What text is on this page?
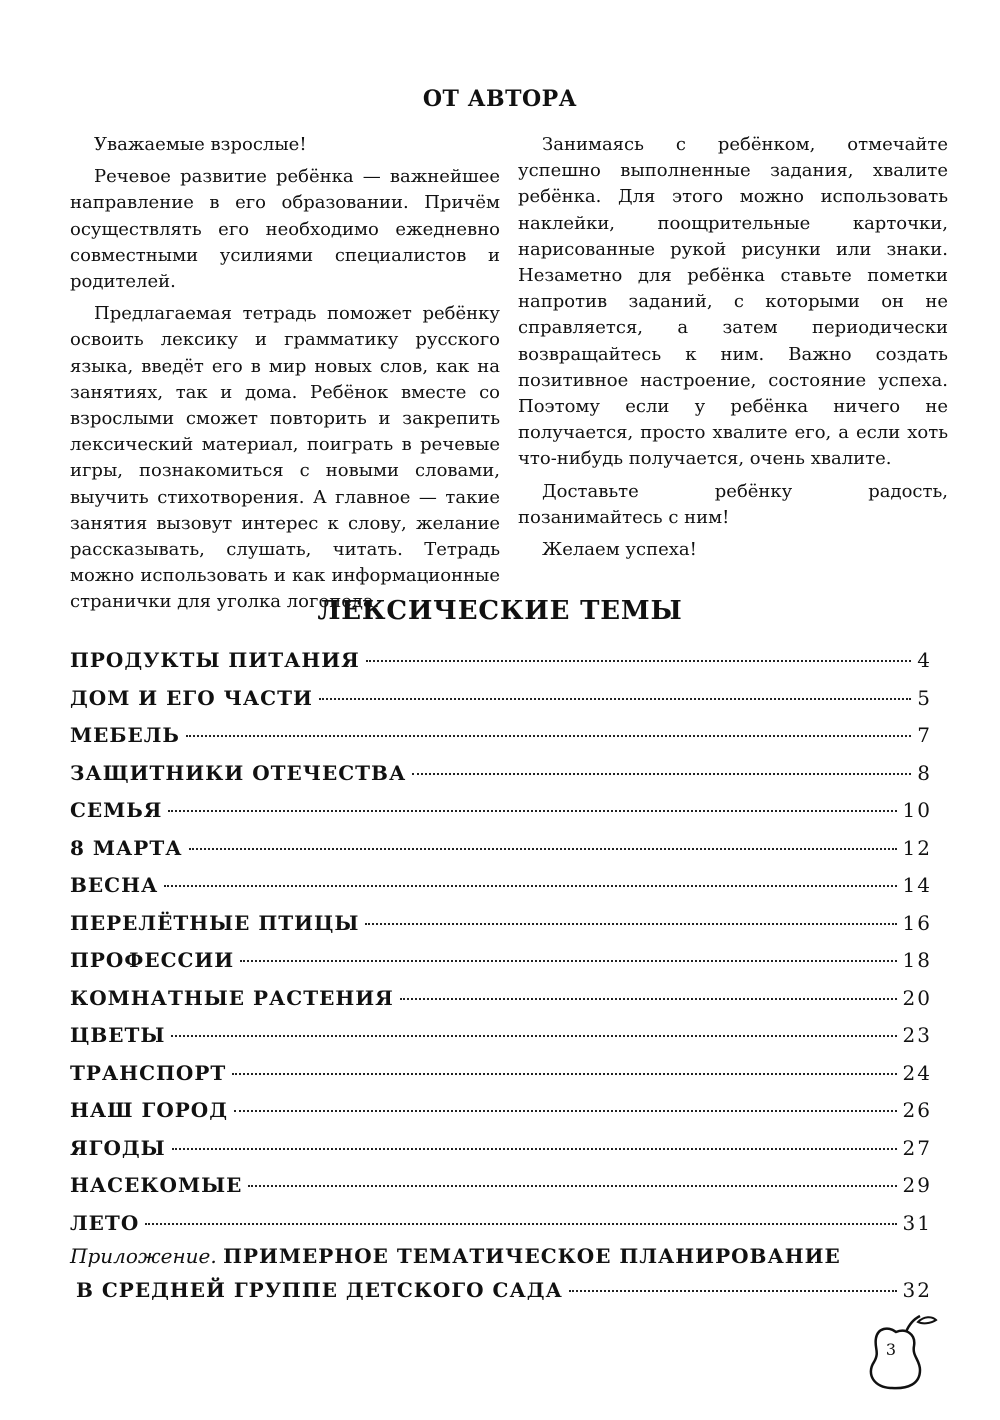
ОТ АВТОРА

Уважаемые взрослые!

Речевое развитие ребёнка — важнейшее направление в его образовании. Причём осуществлять его необходимо ежедневно совместными усилиями специалистов и родителей.

Предлагаемая тетрадь поможет ребёнку освоить лексику и грамматику русского языка, введёт его в мир новых слов, как на занятиях, так и дома. Ребёнок вместе со взрослыми сможет повторить и закрепить лексический материал, поиграть в речевые игры, познакомиться с новыми словами, выучить стихотворения. А главное — такие занятия вызовут интерес к слову, желание рассказывать, слушать, читать. Тетрадь можно использовать и как информационные странички для уголка логопеда.

Занимаясь с ребёнком, отмечайте успешно выполненные задания, хвалите ребёнка. Для этого можно использовать наклейки, поощрительные карточки, нарисованные рукой рисунки или знаки. Незаметно для ребёнка ставьте пометки напротив заданий, с которыми он не справляется, а затем периодически возвращайтесь к ним. Важно создать позитивное настроение, состояние успеха. Поэтому если у ребёнка ничего не получается, просто хвалите его, а если хоть что-нибудь получается, очень хвалите.

Доставьте ребёнку радость, позанимайтесь с ним!

Желаем успеха!

ЛЕКСИЧЕСКИЕ ТЕМЫ
ПРОДУКТЫ ПИТАНИЯ	4
ДОМ И ЕГО ЧАСТИ	5
МЕБЕЛЬ	7
ЗАЩИТНИКИ ОТЕЧЕСТВА	8
СЕМЬЯ	10
8 МАРТА	12
ВЕСНА	14
ПЕРЕЛЁТНЫЕ ПТИЦЫ	16
ПРОФЕССИИ	18
КОМНАТНЫЕ РАСТЕНИЯ	20
ЦВЕТЫ	23
ТРАНСПОРТ	24
НАШ ГОРОД	26
ЯГОДЫ	27
НАСЕКОМЫЕ	29
ЛЕТО	31
Приложение. ПРИМЕРНОЕ ТЕМАТИЧЕСКОЕ ПЛАНИРОВАНИЕ
В СРЕДНЕЙ ГРУППЕ ДЕТСКОГО САДА	32
3
